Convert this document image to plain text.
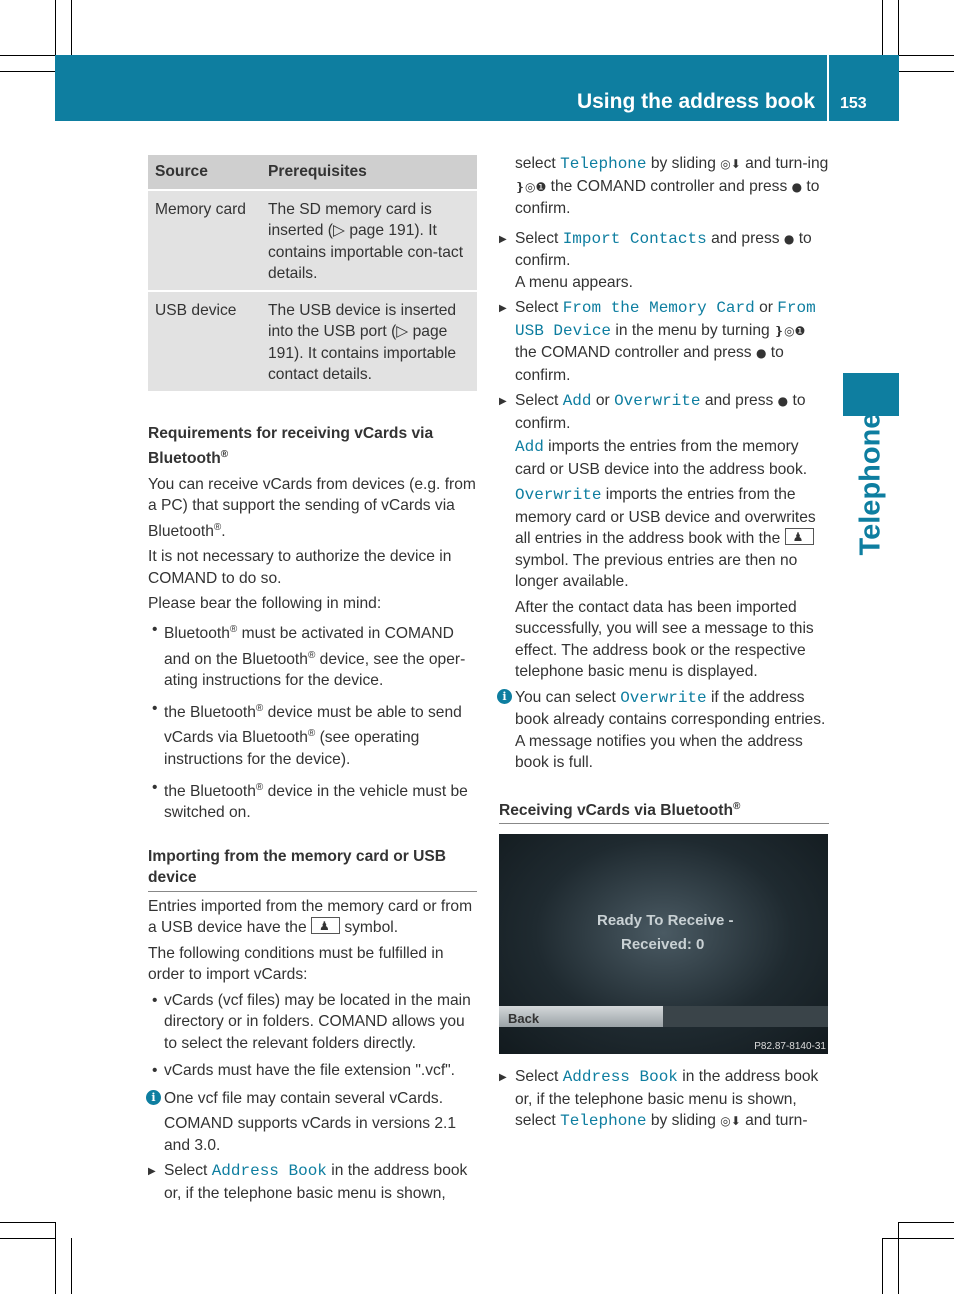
Using the address book 153
Telephone
Source	Prerequisites
Memory card	The SD memory card is inserted (▷ page 191). It contains importable con-tact details.
USB device	The USB device is inserted into the USB port (▷ page 191). It contains importable contact details.

Requirements for receiving vCards via Bluetooth®

You can receive vCards from devices (e.g. from a PC) that support the sending of vCards via Bluetooth®.

It is not necessary to authorize the device in COMAND to do so.

Please bear the following in mind:

• Bluetooth® must be activated in COMAND and on the Bluetooth® device, see the oper-ating instructions for the device.
• the Bluetooth® device must be able to send vCards via Bluetooth® (see operating instructions for the device).
• the Bluetooth® device in the vehicle must be switched on.

Importing from the memory card or USB device

Entries imported from the memory card or from a USB device have the ♟ symbol.

The following conditions must be fulfilled in order to import vCards:

• vCards (vcf files) may be located in the main directory or in folders. COMAND allows you to select the relevant folders directly.
• vCards must have the file extension ".vcf".

i One vcf file may contain several vCards.

COMAND supports vCards in versions 2.1 and 3.0.

▶ Select Address Book in the address book or, if the telephone basic menu is shown,

select Telephone by sliding ◎⬇ and turn-ing ❵◎❶ the COMAND controller and press ● to confirm.

▶ Select Import Contacts and press ● to confirm.
A menu appears.

▶ Select From the Memory Card or From USB Device in the menu by turning ❵◎❶ the COMAND controller and press ● to confirm.

▶ Select Add or Overwrite and press ● to confirm.

Add imports the entries from the memory card or USB device into the address book.

Overwrite imports the entries from the memory card or USB device and overwrites all entries in the address book with the ♟ symbol. The previous entries are then no longer available.

After the contact data has been imported successfully, you will see a message to this effect. The address book or the respective telephone basic menu is displayed.

i You can select Overwrite if the address book already contains corresponding entries. A message notifies you when the address book is full.

Receiving vCards via Bluetooth®

Ready To Receive -
Received: 0
Back
P82.87-8140-31

▶ Select Address Book in the address book or, if the telephone basic menu is shown, select Telephone by sliding ◎⬇ and turn-
